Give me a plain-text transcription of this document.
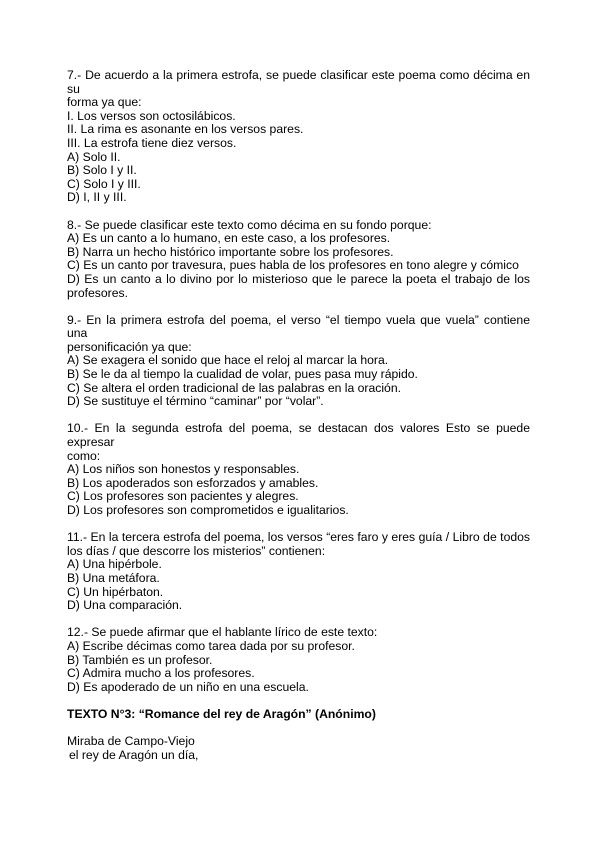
7.- De acuerdo a la primera estrofa, se puede clasificar este poema como décima en su
forma ya que:
I. Los versos son octosilábicos.
II. La rima es asonante en los versos pares.
III. La estrofa tiene diez versos.
A) Solo II.
B) Solo I y II.
C) Solo I y III.
D) I, II y III.
8.- Se puede clasificar este texto como décima en su fondo porque:
A) Es un canto a lo humano, en este caso, a los profesores.
B) Narra un hecho histórico importante sobre los profesores.
C) Es un canto por travesura, pues habla de los profesores en tono alegre y cómico
D) Es un canto a lo divino por lo misterioso que le parece la poeta el trabajo de los
profesores.
9.- En la primera estrofa del poema, el verso “el tiempo vuela que vuela” contiene una
personificación ya que:
A) Se exagera el sonido que hace el reloj al marcar la hora.
B) Se le da al tiempo la cualidad de volar, pues pasa muy rápido.
C) Se altera el orden tradicional de las palabras en la oración.
D) Se sustituye el término “caminar” por “volar”.
10.- En la segunda estrofa del poema, se destacan dos valores Esto se puede expresar
como:
A) Los niños son honestos y responsables.
B) Los apoderados son esforzados y amables.
C) Los profesores son pacientes y alegres.
D) Los profesores son comprometidos e igualitarios.
11.- En la tercera estrofa del poema, los versos “eres faro y eres guía / Libro de todos
los días / que descorre los misterios” contienen:
A) Una hipérbole.
B) Una metáfora.
C) Un hipérbaton.
D) Una comparación.
12.- Se puede afirmar que el hablante lírico de este texto:
A) Escribe décimas como tarea dada por su profesor.
B) También es un profesor.
C) Admira mucho a los profesores.
D) Es apoderado de un niño en una escuela.
TEXTO N°3: “Romance del rey de Aragón” (Anónimo)
Miraba de Campo-Viejo
el rey de Aragón un día,
